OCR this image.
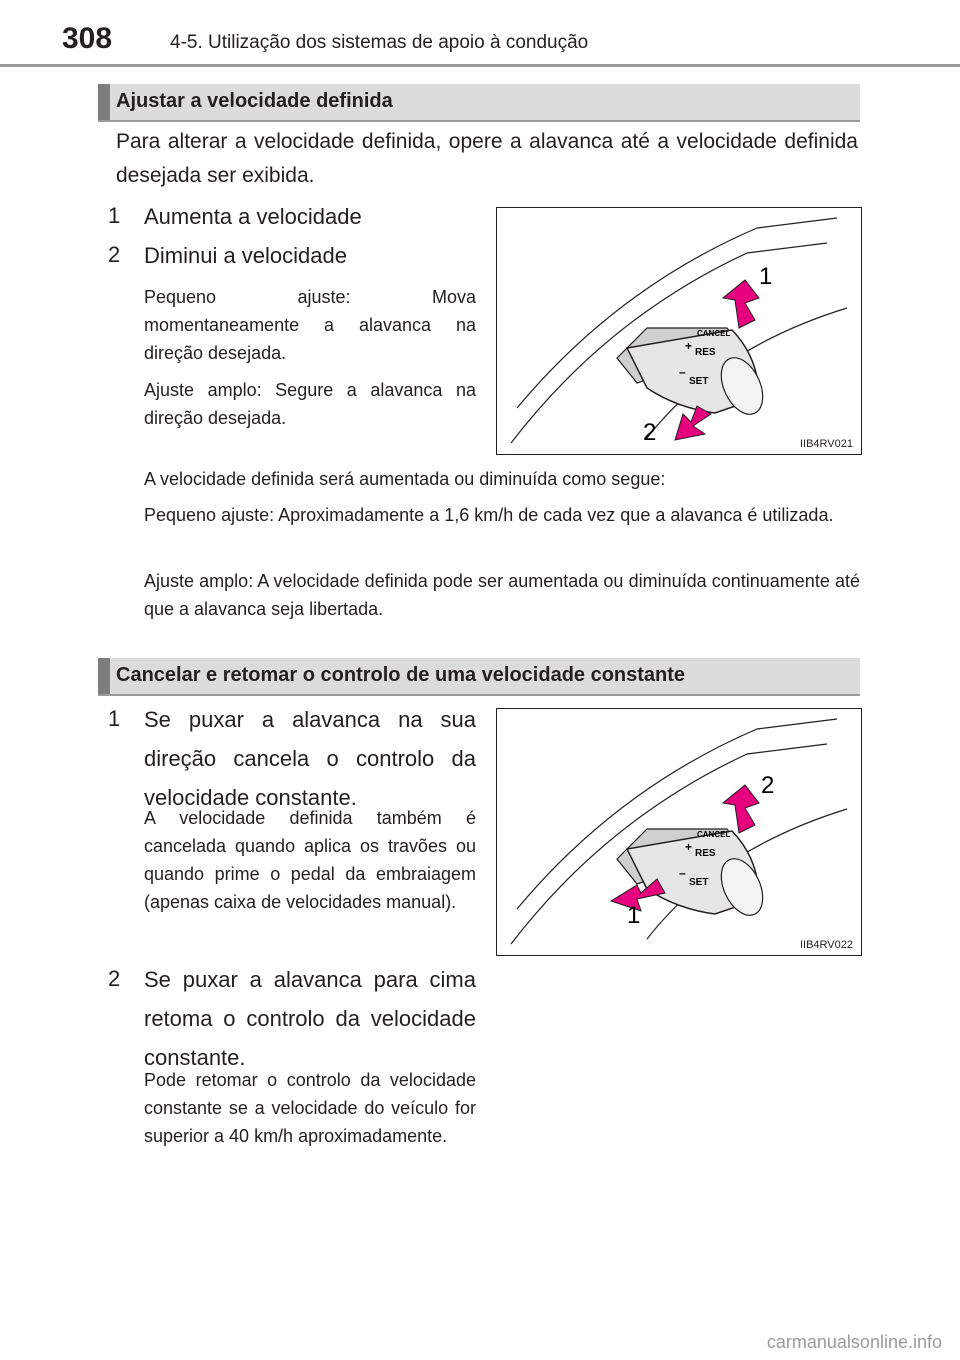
308	4-5. Utilização dos sistemas de apoio à condução
Ajustar a velocidade definida
Para alterar a velocidade definida, opere a alavanca até a velocidade definida desejada ser exibida.
1 Aumenta a velocidade
2 Diminui a velocidade
Pequeno ajuste: Mova momentaneamente a alavanca na direção desejada.
Ajuste amplo: Segure a alavanca na direção desejada.
CANCEL
+ RES
–
SET
1
2	IIB4RV021
A velocidade definida será aumentada ou diminuída como segue:
Pequeno ajuste: Aproximadamente a 1,6 km/h de cada vez que a alavanca é utilizada.
Ajuste amplo: A velocidade definida pode ser aumentada ou diminuída continuamente até que a alavanca seja libertada.
Cancelar e retomar o controlo de uma velocidade constante
1 Se puxar a alavanca na sua direção cancela o controlo da velocidade constante.
A velocidade definida também é cancelada quando aplica os travões ou quando prime o pedal da embraiagem (apenas caixa de velocidades manual).
2 Se puxar a alavanca para cima retoma o controlo da velocidade constante.
Pode retomar o controlo da velocidade constante se a velocidade do veículo for superior a 40 km/h aproximadamente.
CANCEL
+ RES
–
SET
2
1
IIB4RV022
carmanualsonline.info
